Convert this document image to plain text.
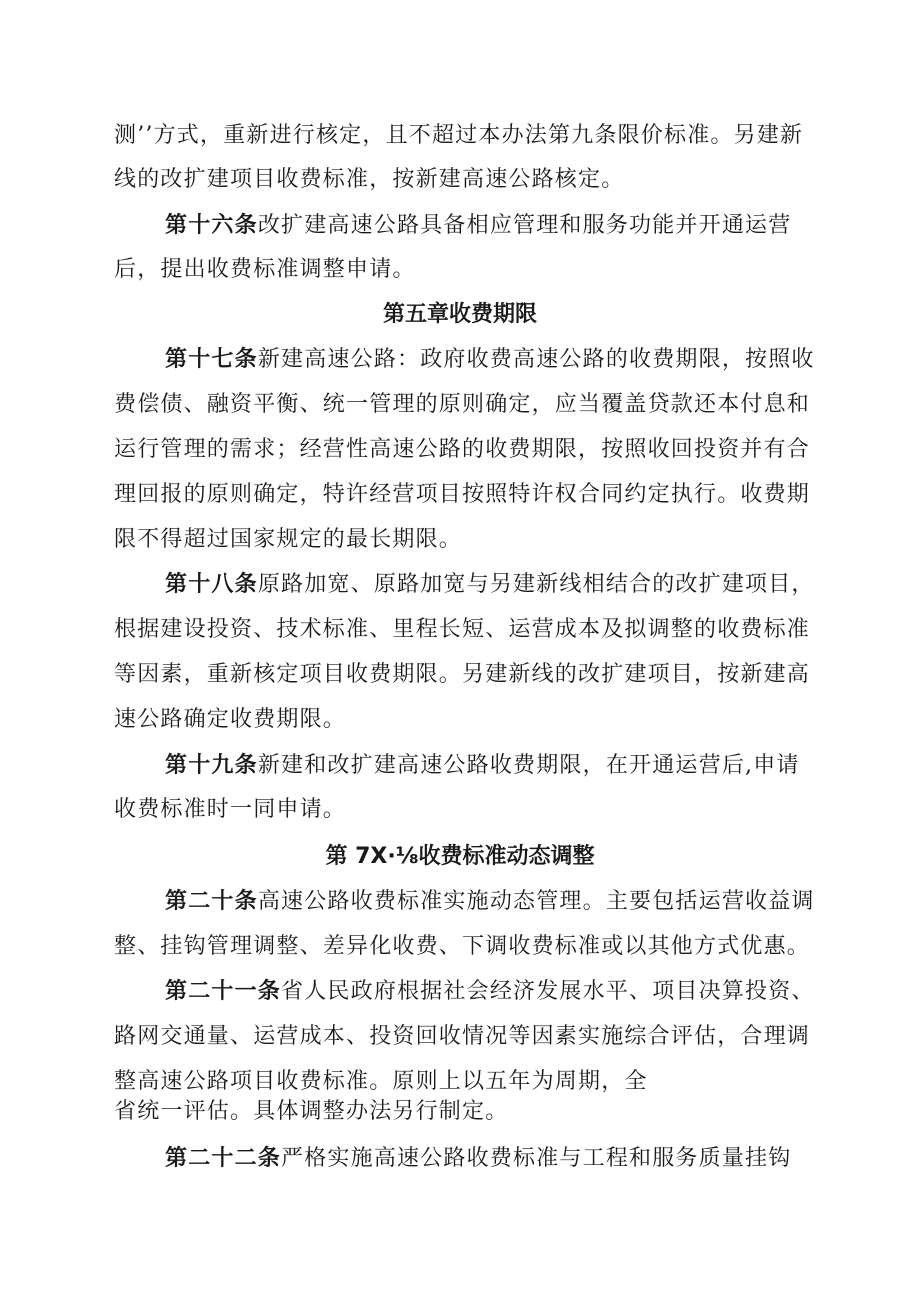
测’’方式，重新进行核定，且不超过本办法第九条限价标准。另建新
线的改扩建项目收费标准，按新建高速公路核定。
第十六条改扩建高速公路具备相应管理和服务功能并开通运营
后，提出收费标准调整申请。
第五章收费期限
第十七条新建高速公路：政府收费高速公路的收费期限，按照收
费偿债、融资平衡、统一管理的原则确定，应当覆盖贷款还本付息和
运行管理的需求；经营性高速公路的收费期限，按照收回投资并有合
理回报的原则确定，特许经营项目按照特许权合同约定执行。收费期
限不得超过国家规定的最长期限。
第十八条原路加宽、原路加宽与另建新线相结合的改扩建项目，
根据建设投资、技术标准、里程长短、运营成本及拟调整的收费标准
等因素，重新核定项目收费期限。另建新线的改扩建项目，按新建高
速公路确定收费期限。
第十九条新建和改扩建高速公路收费期限，在开通运营后,申请
收费标准时一同申请。
第 7X·⅛收费标准动态调整
第二十条高速公路收费标准实施动态管理。主要包括运营收益调
整、挂钩管理调整、差异化收费、下调收费标准或以其他方式优惠。
第二十一条省人民政府根据社会经济发展水平、项目决算投资、
路网交通量、运营成本、投资回收情况等因素实施综合评估，合理调
整高速公路项目收费标准。原则上以五年为周期，全
省统一评估。具体调整办法另行制定。
第二十二条严格实施高速公路收费标准与工程和服务质量挂钩
